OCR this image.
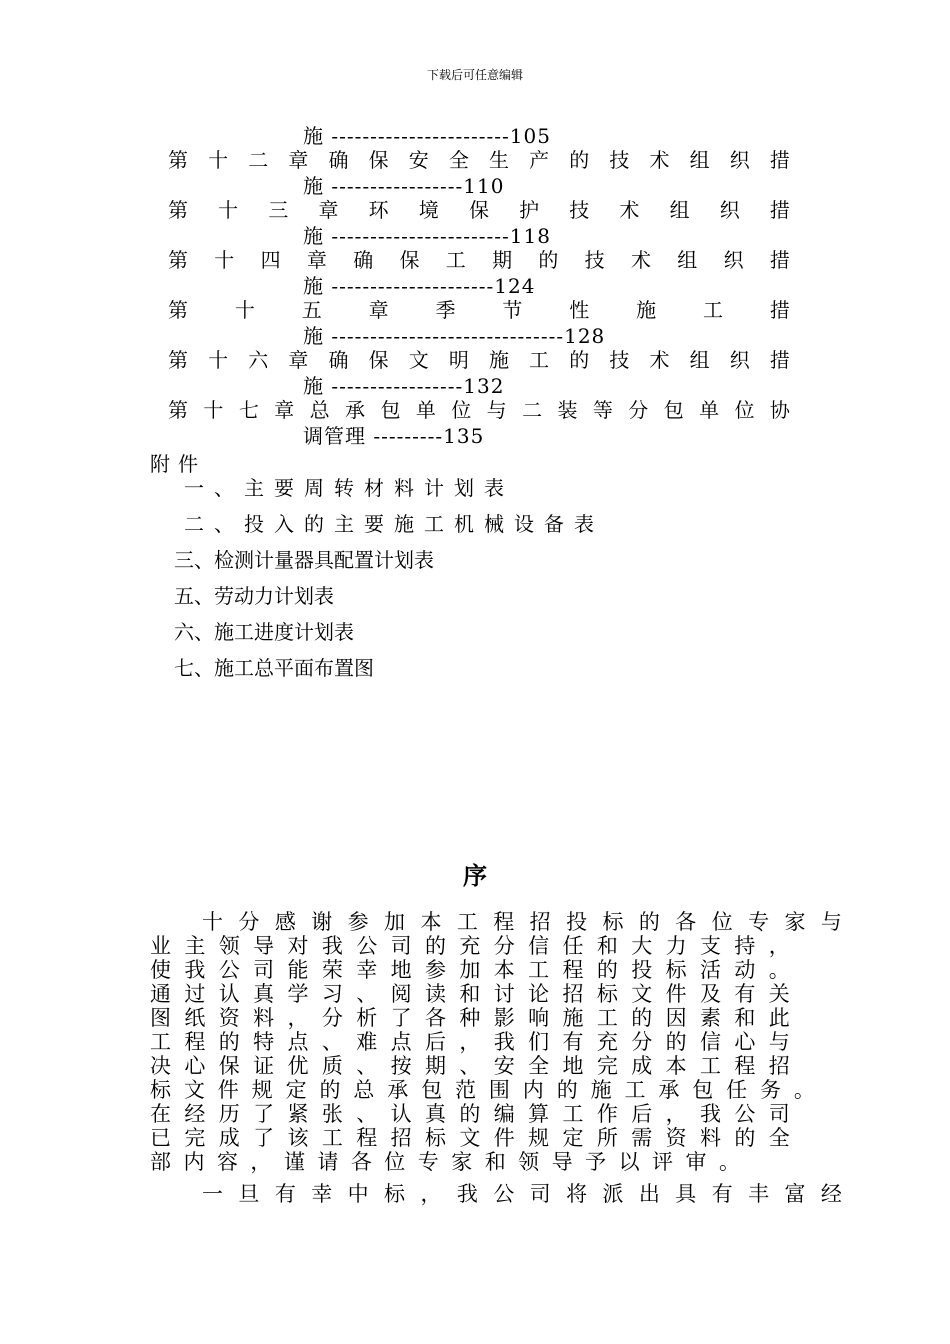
下载后可任意编辑
施 -----------------------105
第 十 二 章 确 保 安 全 生 产 的 技 术 组 织 措
施 -----------------110
第 十 三 章 环 境 保 护 技 术 组 织 措
施 -----------------------118
第 十 四 章 确 保 工 期 的 技 术 组 织 措
施 ---------------------124
第 十 五 章 季 节 性 施 工 措
施 ------------------------------128
第 十 六 章 确 保 文 明 施 工 的 技 术 组 织 措
施 -----------------132
第 十 七 章 总 承 包 单 位 与 二 装 等 分 包 单 位 协
调管理 ---------135
附件
一、主要周转材料计划表
二、投入的主要施工机械设备表
三、检测计量器具配置计划表
五、劳动力计划表
六、施工进度计划表
七、施工总平面布置图
序
十 分 感 谢 参 加 本 工 程 招 投 标 的 各 位 专 家 与
业 主 领 导 对 我 公 司 的 充 分 信 任 和 大 力 支 持 ，
使 我 公 司 能 荣 幸 地 参 加 本 工 程 的 投 标 活 动 。
通 过 认 真 学 习 、 阅 读 和 讨 论 招 标 文 件 及 有 关
图 纸 资 料 ， 分 析 了 各 种 影 响 施 工 的 因 素 和 此
工 程 的 特 点 、 难 点 后 ， 我 们 有 充 分 的 信 心 与
决 心 保 证 优 质 、 按 期 、 安 全 地 完 成 本 工 程 招
标 文 件 规 定 的 总 承 包 范 围 内 的 施 工 承 包 任 务 。
在 经 历 了 紧 张 、 认 真 的 编 算 工 作 后 ， 我 公 司
已 完 成 了 该 工 程 招 标 文 件 规 定 所 需 资 料 的 全
部 内 容 ， 谨 请 各 位 专 家 和 领 导 予 以 评 审 。
一 旦 有 幸 中 标 ， 我 公 司 将 派 出 具 有 丰 富 经
